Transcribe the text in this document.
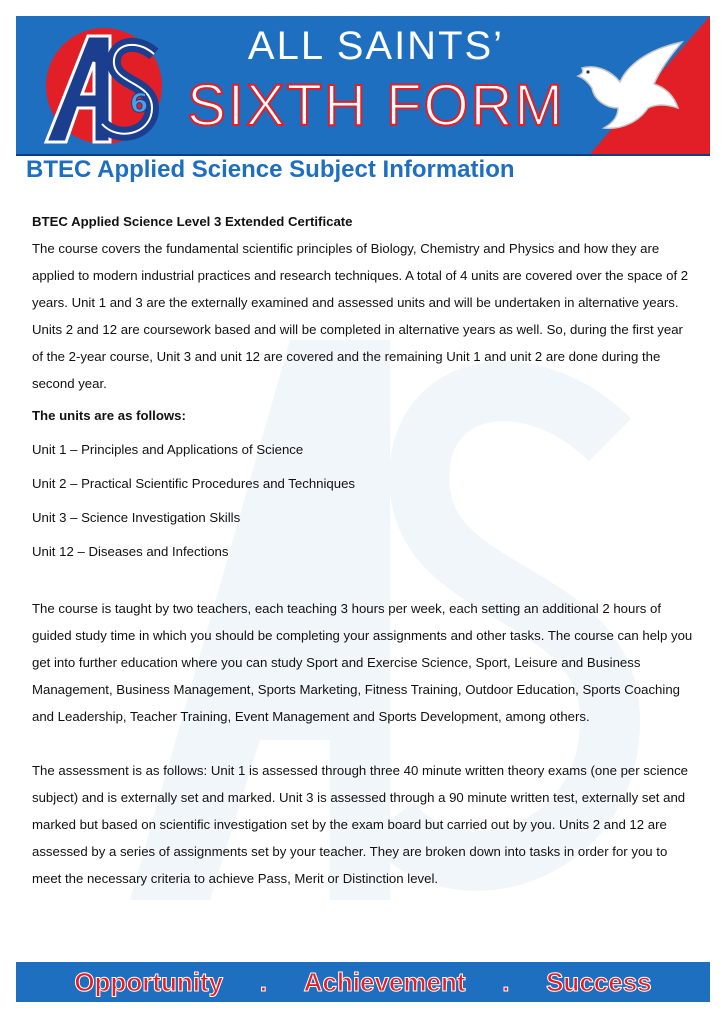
6
ALL SAINTS’
SIXTH FORM
BTEC Applied Science Subject Information

BTEC Applied Science Level 3 Extended Certificate

The course covers the fundamental scientific principles of Biology, Chemistry and Physics and how they are applied to modern industrial practices and research techniques. A total of 4 units are covered over the space of 2 years. Unit 1 and 3 are the externally examined and assessed units and will be undertaken in alternative years. Units 2 and 12 are coursework based and will be completed in alternative years as well. So, during the first year of the 2-year course, Unit 3 and unit 12 are covered and the remaining Unit 1 and unit 2 are done during the second year.

The units are as follows:

Unit 1 – Principles and Applications of Science

Unit 2 – Practical Scientific Procedures and Techniques

Unit 3 – Science Investigation Skills

Unit 12 – Diseases and Infections

The course is taught by two teachers, each teaching 3 hours per week, each setting an additional 2 hours of guided study time in which you should be completing your assignments and other tasks. The course can help you get into further education where you can study Sport and Exercise Science, Sport, Leisure and Business Management, Business Management, Sports Marketing, Fitness Training, Outdoor Education, Sports Coaching and Leadership, Teacher Training, Event Management and Sports Development, among others.

The assessment is as follows: Unit 1 is assessed through three 40 minute written theory exams (one per science subject) and is externally set and marked. Unit 3 is assessed through a 90 minute written test, externally set and marked but based on scientific investigation set by the exam board but carried out by you. Units 2 and 12 are assessed by a series of assignments set by your teacher. They are broken down into tasks in order for you to meet the necessary criteria to achieve Pass, Merit or Distinction level.

Opportunity . Achievement . Success
